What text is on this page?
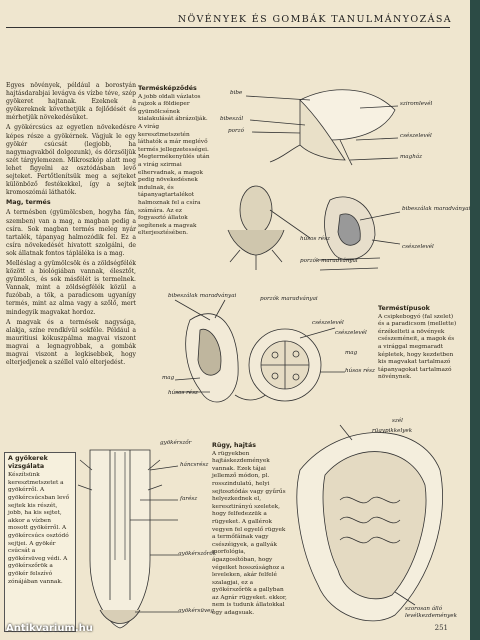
NÖVÉNYEK ÉS GOMBÁK TANULMÁNYOZÁSA

Egyes növények, például a borostyán hajtásdarabjai levágva és vízbe téve, szép gyökeret hajtanak. Ezeknek a gyökereknek követhetjük a fejlődését és mérhetjük növekedésüket.

A gyökércsúcs az egyetlen növekedésre képes része a gyökérnek. Vágjuk le egy gyökér csúcsát (legjobb, ha nagymagvakból dolgozunk), és dörzsöljük szét tárgylemezen. Mikroszkóp alatt meg lehet figyelni az osztódásban levő sejteket. Fertőtlenítsük meg a sejteket különböző festékekkel, így a sejtek kromoszómái láthatók.

Mag, termés

A termésben (gyümölcsben, hogyha fán, szemben) van a mag, a magban pedig a csíra. Sok magban termés meleg nyár tartalék, tápanyag halmozódik fel. Ez a csíra növekedését hivatott szolgálni, de sok állatnak fontos tápláléka is a mag.

Melléslag a gyümölcsök és a zöldségfélék között a biológiában vannak, élesztőt, gyümölcs, és sok másfélét is termelnek. Vannak, mint a zöldségfélék közül a fuzóbab, a tök, a paradicsom ugyanígy termés, mint az alma vagy a szőlő, mert mindegyik magvakat hordoz.

A magvak és a termések nagysága, alakja, színe rendkívül sokféle. Például a mauritiusi kókuszpálma magvai viszont magvai a legnagyobbak, a gombák magvai viszont a legkisebbek, hogy elterjedjenek a széllel való elterjedést.

A gyökerek vizsgálata
Készítsünk keresztmetszetet a gyökérről. A gyökércsúcsban levő sejtek kis részét, jobb, ha kis sejtet, akkor a vízben mosott gyökérről. A gyökércsúcs osztódó sejtjei. A gyökér csúcsát a gyökérsüveg védi. A gyökérszőrök a gyökér felszívó zónájában vannak.

Termésképződés

A jobb oldali vázlatos rajzok a földieper gyümölcsének kialakulását ábrázolják. A virág keresztmetszetén láthatók a már meglévő termés jellegzetességei. Megtermékenyülés után a virág szirmai elhervadnak, a magok pedig növekedésnek indulnak, és tápanyagtartalékot halmoznak fel a csíra számára. Az ez fogyasztó állatok segítenek a magvak elterjesztésében.

Terméstípusok

A csipkebogyó (fal szelet) és a paradicsom (mellette) érzékelteti a növények csészeméneit, a magok és a virággal megmaradt képletek, hogy kezdetben kis magvakat tartalmazó tápanyagokat tartalmazó növénynek.

Rügy, hajtás

A rügyekben hajtáskezdemények vannak. Ezek tájai jellemző módon, pl. rosszindulatú, helyi sejtosztódás vagy gyűrűs helyezkednek el, keresztirányú szeletek, hogy felfedezzük a rügyeket. A gallérok vegyen fel egyelő rügyek a termőfáinak vagy csészéigyek, a gallyák morfológia, ágazgosítóban, hogy végeiket hosszúsághoz a leveleken, akár felfelé szalagjai, ez a gyökérszőrök a gallyban az Agrár rügyeket. ekkor, nem is tudunk állatokkal egy adagsuak.

bibe
sziromlevél
bibeszál
csészelevél
porzó
magház
bibeszálak maradványai
húsos rész
porzók maradványai
csészelevél
bibeszálak maradványai	porzók maradványai
csészelevél
mag
húsos rész
mag
húsos rész
csészelevél
szél
rügypikkelyek
gyökérszőr
háncsrész
farész
gyökérszőrök
gyökérsüveg	szorosan álló levélkezdemények
251
Antikvarium.hu
